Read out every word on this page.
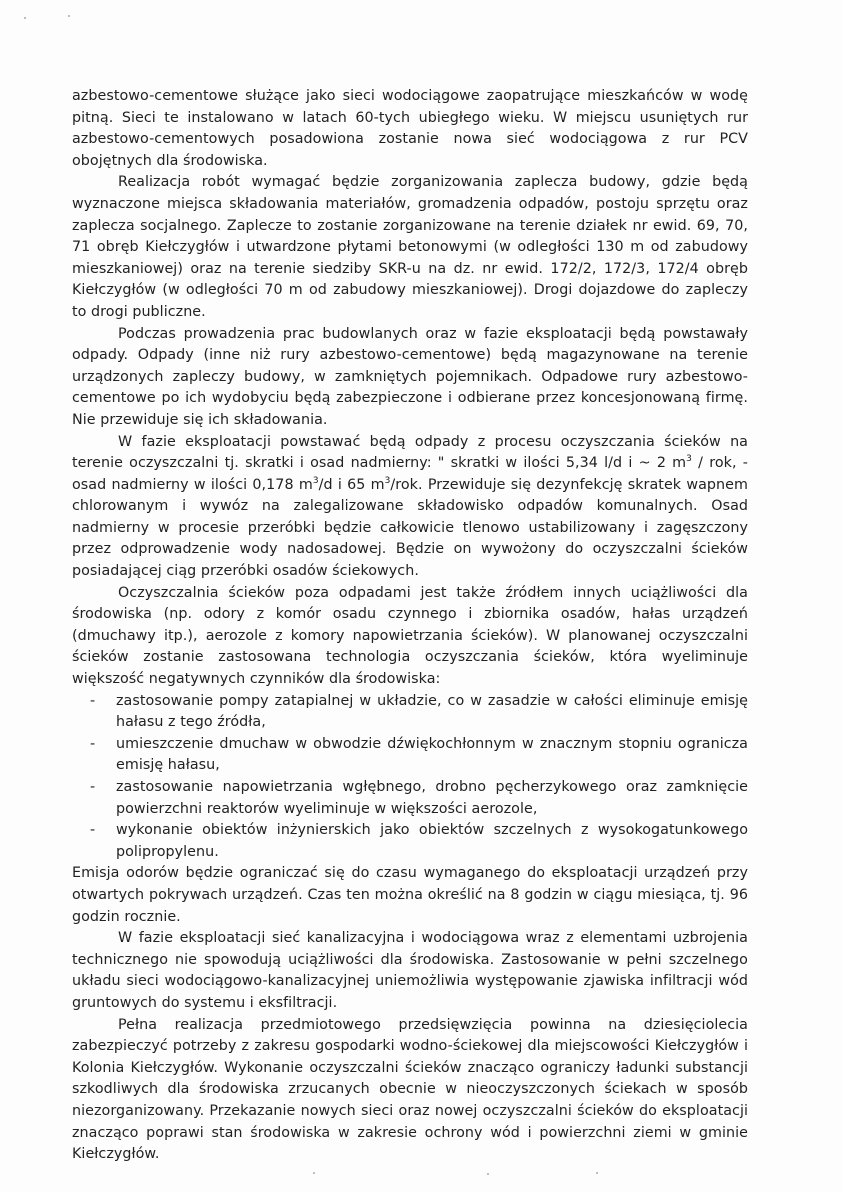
azbestowo-cementowe służące jako sieci wodociągowe zaopatrujące mieszkańców w wodę pitną. Sieci te instalowano w latach 60-tych ubiegłego wieku. W miejscu usuniętych rur azbestowo-cementowych posadowiona zostanie nowa sieć wodociągowa z rur PCV obojętnych dla środowiska.

Realizacja robót wymagać będzie zorganizowania zaplecza budowy, gdzie będą wyznaczone miejsca składowania materiałów, gromadzenia odpadów, postoju sprzętu oraz zaplecza socjalnego. Zaplecze to zostanie zorganizowane na terenie działek nr ewid. 69, 70, 71 obręb Kiełczygłów i utwardzone płytami betonowymi (w odległości 130 m od zabudowy mieszkaniowej) oraz na terenie siedziby SKR-u na dz. nr ewid. 172/2, 172/3, 172/4 obręb Kiełczygłów (w odległości 70 m od zabudowy mieszkaniowej). Drogi dojazdowe do zapleczy to drogi publiczne.

Podczas prowadzenia prac budowlanych oraz w fazie eksploatacji będą powstawały odpady. Odpady (inne niż rury azbestowo-cementowe) będą magazynowane na terenie urządzonych zapleczy budowy, w zamkniętych pojemnikach. Odpadowe rury azbestowo-cementowe po ich wydobyciu będą zabezpieczone i odbierane przez koncesjonowaną firmę. Nie przewiduje się ich składowania.

W fazie eksploatacji powstawać będą odpady z procesu oczyszczania ścieków na terenie oczyszczalni tj. skratki i osad nadmierny: " skratki w ilości 5,34 l/d i ~ 2 $m^3$ / rok, - osad nadmierny w ilości 0,178 $m^3/d$ i 65 $m^3$/rok. Przewiduje się dezynfekcję skratek wapnem chlorowanym i wywóz na zalegalizowane składowisko odpadów komunalnych. Osad nadmierny w procesie przeróbki będzie całkowicie tlenowo ustabilizowany i zagęszczony przez odprowadzenie wody nadosadowej. Będzie on wywożony do oczyszczalni ścieków posiadającej ciąg przeróbki osadów ściekowych.

Oczyszczalnia ścieków poza odpadami jest także źródłem innych uciążliwości dla środowiska (np. odory z komór osadu czynnego i zbiornika osadów, hałas urządzeń (dmuchawy itp.), aerozole z komory napowietrzania ścieków). W planowanej oczyszczalni ścieków zostanie zastosowana technologia oczyszczania ścieków, która wyeliminuje większość negatywnych czynników dla środowiska:

- zastosowanie pompy zatapialnej w układzie, co w zasadzie w całości eliminuje emisję hałasu z tego źródła,
- umieszczenie dmuchaw w obwodzie dźwiękochłonnym w znacznym stopniu ogranicza emisję hałasu,
- zastosowanie napowietrzania wgłębnego, drobno pęcherzykowego oraz zamknięcie powierzchni reaktorów wyeliminuje w większości aerozole,
- wykonanie obiektów inżynierskich jako obiektów szczelnych z wysokogatunkowego polipropylenu.

Emisja odorów będzie ograniczać się do czasu wymaganego do eksploatacji urządzeń przy otwartych pokrywach urządzeń. Czas ten można określić na 8 godzin w ciągu miesiąca, tj. 96 godzin rocznie.

W fazie eksploatacji sieć kanalizacyjna i wodociągowa wraz z elementami uzbrojenia technicznego nie spowodują uciążliwości dla środowiska. Zastosowanie w pełni szczelnego układu sieci wodociągowo-kanalizacyjnej uniemożliwia występowanie zjawiska infiltracji wód gruntowych do systemu i eksfiltracji.

Pełna realizacja przedmiotowego przedsięwzięcia powinna na dziesięciolecia zabezpieczyć potrzeby z zakresu gospodarki wodno-ściekowej dla miejscowości Kiełczygłów i Kolonia Kiełczygłów. Wykonanie oczyszczalni ścieków znacząco ograniczy ładunki substancji szkodliwych dla środowiska zrzucanych obecnie w nieoczyszczonych ściekach w sposób niezorganizowany. Przekazanie nowych sieci oraz nowej oczyszczalni ścieków do eksploatacji znacząco poprawi stan środowiska w zakresie ochrony wód i powierzchni ziemi w gminie Kiełczygłów.
